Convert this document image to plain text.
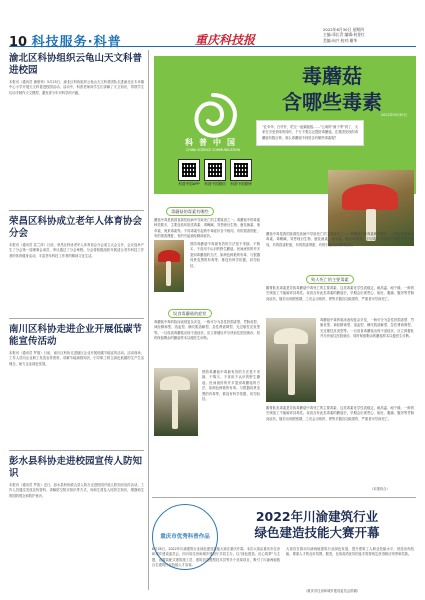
10 科技服务·科普	重庆科技报
2022年6月30日 星期四
主编:邓长青 编辑:何金红
美编:向兴 校对:谢华
渝北区科协组织云龟山天文科普进校园
本报讯（通讯员 谢豪荣）5月25日，渝北区科协组织云龟山天文科普团队走进渝北区木耳镇中心小学开展天文科普进校园活动。活动中，科普老师向学生们讲解了天文知识，带领学生们动手制作天文模型，激发青少年对科学的兴趣。
荣昌区科协成立老年人体育协会分会
本报讯（通讯员 袁兰萍）日前，荣昌区科协老年人体育协会分会成立大会召开，会议选举产生了分会第一届理事会成员，审议通过了分会章程。分会将积极组织开展适合老年科技工作者的体育健身活动，丰富老年科技工作者的精神文化生活。
南川区科协走进企业开展低碳节能宣传活动
本报讯（通讯员 罗瑞）日前，南川区科协走进辖区企业开展低碳节能宣传活动。活动现场，工作人员向企业职工发放宣传资料，讲解节能减排知识，引导职工树立绿色低碳的生产生活理念，助力企业绿色发展。
彭水县科协走进校园宣传人防知识
本报讯（通讯员 罗波）近日，彭水县科协联合县人防办走进校园开展人防知识宣传活动。工作人员通过发放宣传资料、讲解防空防灾知识等方式，向师生普及人民防空知识，增强师生的国防观念和防护意识。
科普中国
CHINA SCIENCE COMMUNICATION
科普中国APP 科普中国微信 科普中国微博
毒蘑菇
含哪些毒素
2022年6月30日
“红伞伞，白杆杆，吃完一起躺板板……”云南的“菌子季”到了，大家在享受美味的同时，千万不要忘记提防毒蘑菇。在我国发现的毒蘑菇有数百种，那么毒蘑菇中到底含有哪些毒素呢？
毒蘑菇的毒素有哪些
蘑菇中毒是我国食源性疾病中导致死亡的主要原因之一。毒蘑菇中的毒素种类繁多，主要包括环肽类毒素、毒蝇碱、异恶唑衍生物、鹿花菌素、鬼伞素、奥来毒素等。不同毒素引起的中毒症状各不相同，有的损害肝脏，有的损害肾脏，有的引起神经精神症状。
预防毒蘑菇中毒最有效的方法是不采摘、不购买、不食用不认识的野生蘑菇。民间流传的许多鉴别毒蘑菇的方法，如颜色鲜艳的有毒、与银器同煮变黑的有毒等，都没有科学依据，切勿轻信。
误食毒蘑菇的症状
毒蘑菇中毒的临床表现复杂多变，一般可分为急性肝损害型、胃肠炎型、神经精神型、溶血型、横纹肌溶解型、急性肾衰竭型、光过敏性皮炎型等。一旦误食毒蘑菇出现不适症状，应立即催吐并尽快前往医院就诊，同时保留剩余的蘑菇样本以便医生诊断。
预防毒蘑菇中毒最有效的方法是不采摘、不购买、不食用不认识的野生蘑菇。民间流传的许多鉴别毒蘑菇的方法，如颜色鲜艳的有毒、与银器同煮变黑的有毒等，都没有科学依据，切勿轻信。
蘑菇中毒是我国食源性疾病中导致死亡的主要原因之一。毒蘑菇中的毒素种类繁多，主要包括环肽类毒素、毒蝇碱、异恶唑衍生物、鹿花菌素、鬼伞素、奥来毒素等。不同毒素引起的中毒症状各不相同，有的损害肝脏，有的损害肾脏，有的引起神经精神症状。
致人死亡的主要毒素
鹅膏肽类毒素是导致毒蘑菇中毒死亡的主要毒素，这类毒素化学性质稳定，耐高温、耐干燥，一般的烹调加工不能破坏其毒性。误食含有此类毒素的蘑菇后，早期会出现恶心、呕吐、腹痛、腹泻等胃肠炎症状，随后出现假愈期，之后会出现肝、肾等多器官功能损伤，严重者可导致死亡。
毒蘑菇中毒的临床表现复杂多变，一般可分为急性肝损害型、胃肠炎型、神经精神型、溶血型、横纹肌溶解型、急性肾衰竭型、光过敏性皮炎型等。一旦误食毒蘑菇出现不适症状，应立即催吐并尽快前往医院就诊，同时保留剩余的蘑菇样本以便医生诊断。
鹅膏肽类毒素是导致毒蘑菇中毒死亡的主要毒素，这类毒素化学性质稳定，耐高温、耐干燥，一般的烹调加工不能破坏其毒性。误食含有此类毒素的蘑菇后，早期会出现恶心、呕吐、腹痛、腹泻等胃肠炎症状，随后出现假愈期，之后会出现肝、肾等多器官功能损伤，严重者可导致死亡。
（本报综合）
重庆市优秀科普作品
2022年川渝建筑行业
绿色建造技能大赛开幕
6月28日，2022年川渝建筑行业绿色建造技能大赛在重庆开幕。本次大赛由重庆市住房和城乡建设委员会、四川省住房和城乡建设厅共同主办，以“绿色建造、匠心筑梦”为主题，设置装配式建筑施工员、建筑信息模型技术员等多个竞赛项目，吸引了川渝两地数百名建筑行业技能人才参赛。
大赛旨在推动川渝两地建筑行业绿色发展，提升建筑工人职业技能水平，营造崇尚技能、尊重人才的良好氛围。据悉，比赛成绩优异的选手将按规定获得相应荣誉和奖励。
（重庆市住房和城乡建设委员会供稿）
